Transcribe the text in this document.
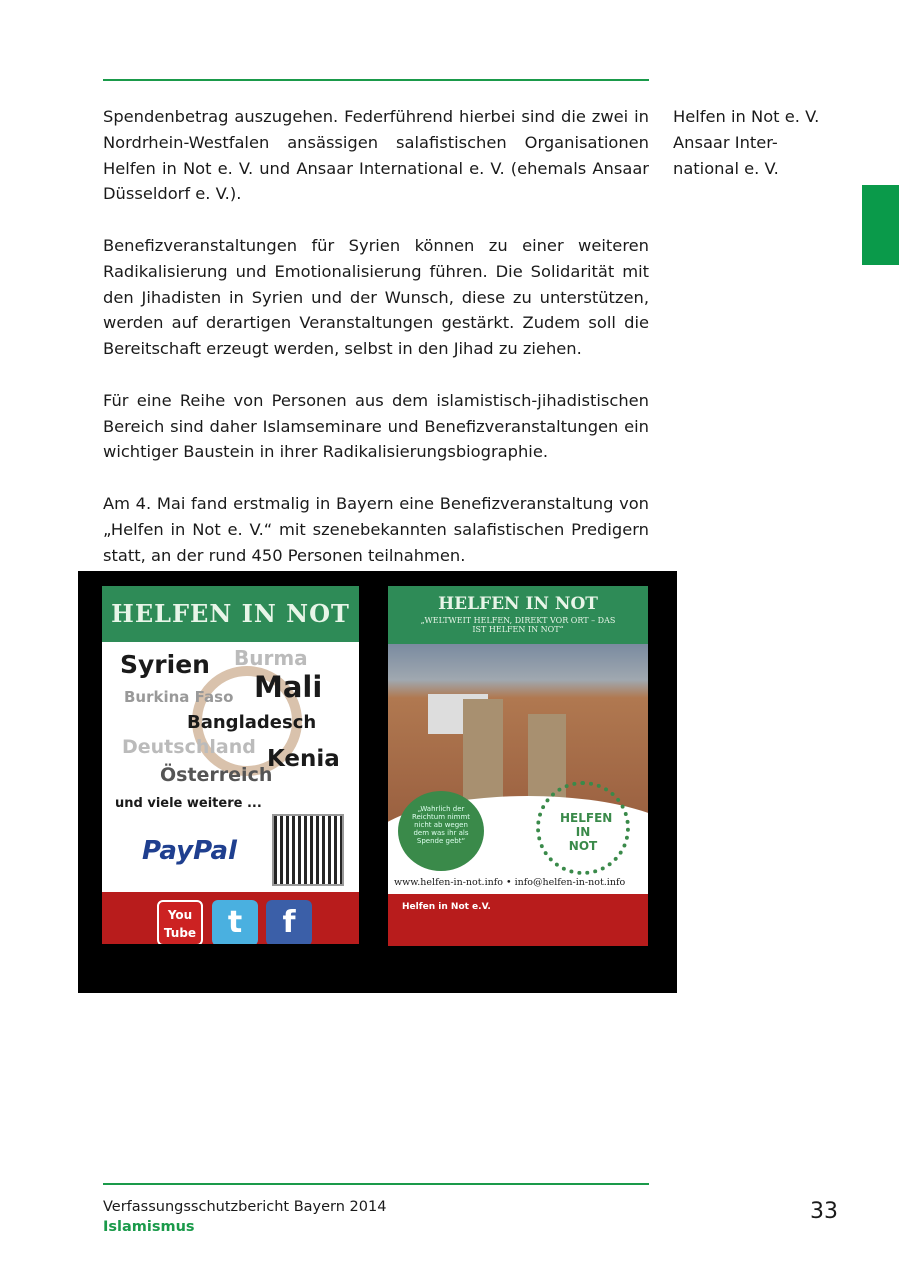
Spendenbetrag auszugehen. Federführend hierbei sind die zwei in Nordrhein-Westfalen ansässigen salafistischen Organisationen Helfen in Not e. V. und Ansaar International e. V. (ehemals Ansaar Düsseldorf e. V.).

Benefizveranstaltungen für Syrien können zu einer weiteren Radikalisierung und Emotionalisierung führen. Die Solidarität mit den Jihadisten in Syrien und der Wunsch, diese zu unterstützen, werden auf derartigen Veranstaltungen gestärkt. Zudem soll die Bereitschaft erzeugt werden, selbst in den Jihad zu ziehen.

Für eine Reihe von Personen aus dem islamistisch-jihadistischen Bereich sind daher Islamseminare und Benefizveranstaltungen ein wichtiger Baustein in ihrer Radikalisierungsbiographie.

Am 4. Mai fand erstmalig in Bayern eine Benefizveranstaltung von „Helfen in Not e. V.“ mit szenebekannten salafistischen Predigern statt, an der rund 450 Personen teilnahmen.

Helfen in Not e. V.
Ansaar Inter-national e. V.
HELFEN IN NOT
Syrien Burma
Mali
Burkina Faso
Bangladesch
Deutschland Kenia
Österreich
und viele weitere ...
PayPal
You Tube	t	f
HELFEN IN NOT
„WELTWEIT HELFEN, DIREKT VOR ORT – DAS IST HELFEN IN NOT“
„Wahrlich der Reichtum nimmt nicht ab wegen dem was ihr als Spende gebt“
HELFEN IN NOT
www.helfen-in-not.info • info@helfen-in-not.info
Helfen in Not e.V.
Verfassungsschutzbericht Bayern 2014
Islamismus
33
